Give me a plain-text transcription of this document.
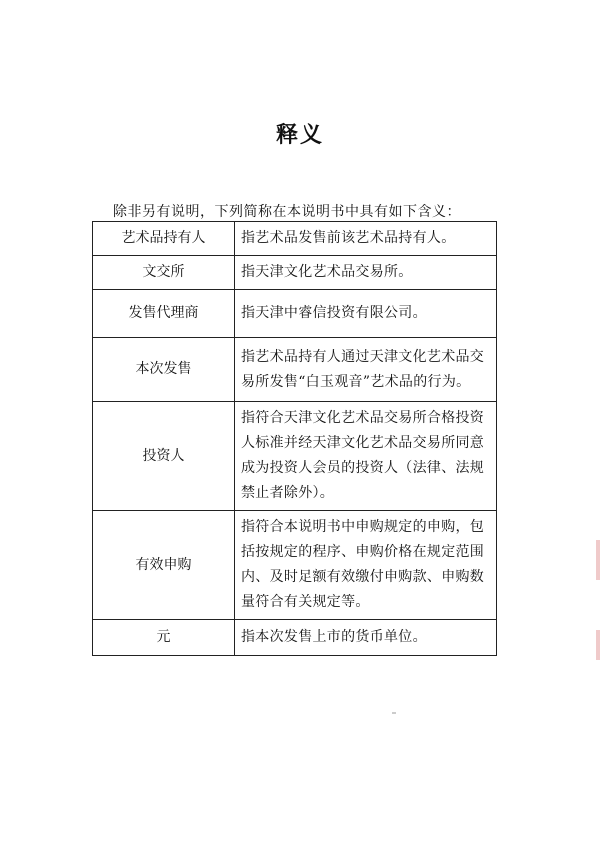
释义
除非另有说明，下列简称在本说明书中具有如下含义：
艺术品持有人	指艺术品发售前该艺术品持有人。
文交所	指天津文化艺术品交易所。
发售代理商	指天津中睿信投资有限公司。
本次发售	指艺术品持有人通过天津文化艺术品交易所发售“白玉观音”艺术品的行为。
投资人	指符合天津文化艺术品交易所合格投资人标准并经天津文化艺术品交易所同意成为投资人会员的投资人（法律、法规禁止者除外）。
有效申购	指符合本说明书中申购规定的申购，包括按规定的程序、申购价格在规定范围内、及时足额有效缴付申购款、申购数量符合有关规定等。
元	指本次发售上市的货币单位。
